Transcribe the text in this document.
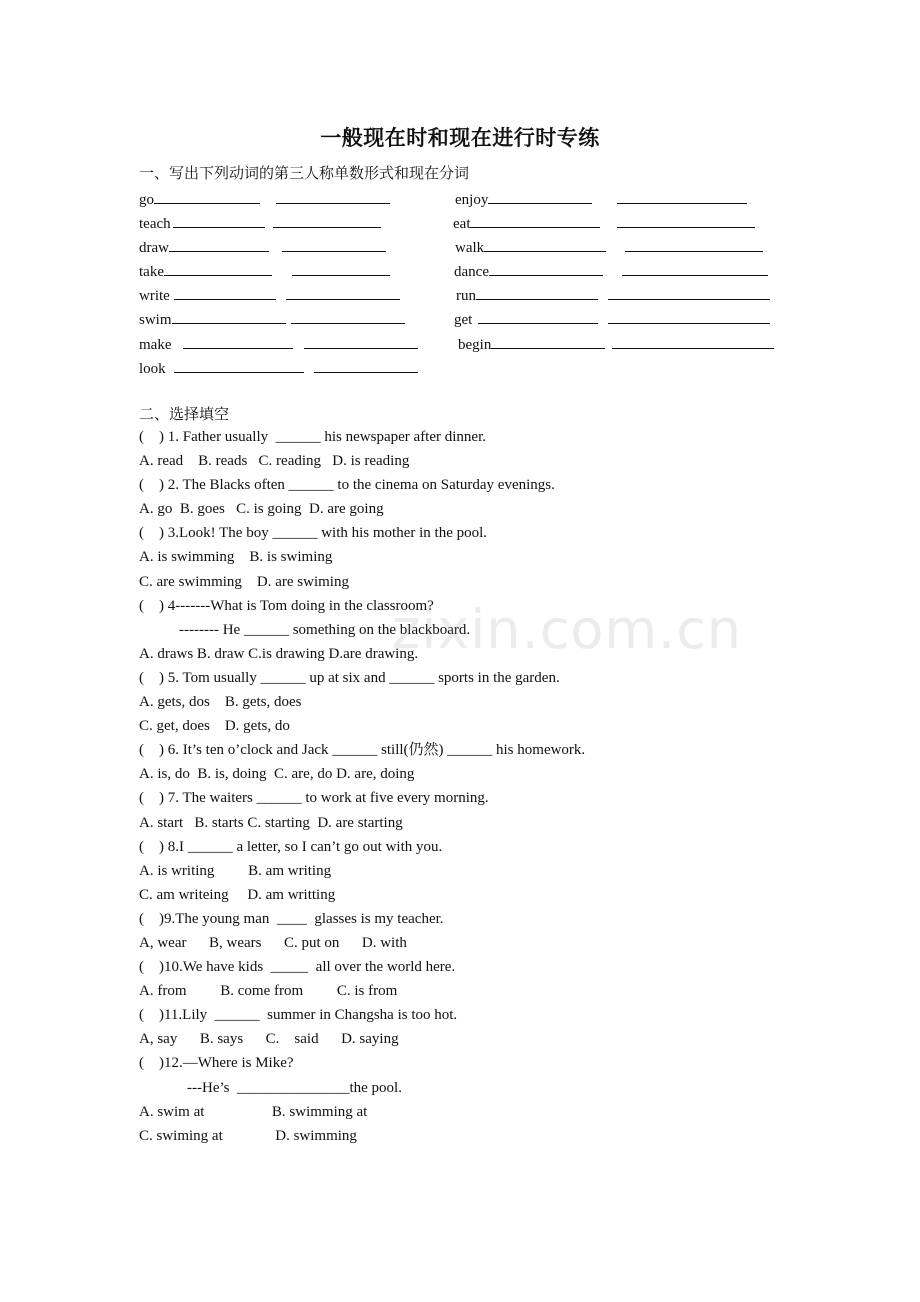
一般现在时和现在进行时专练
一、写出下列动词的第三人称单数形式和现在分词
go	enjoy
teach	eat
draw	walk
take	dance
write	run
swim	get
make	begin
look
二、选择填空
(    ) 1. Father usually  ______ his newspaper after dinner.
A. read    B. reads   C. reading   D. is reading
(    ) 2. The Blacks often ______ to the cinema on Saturday evenings.
A. go  B. goes   C. is going  D. are going
(    ) 3.Look! The boy ______ with his mother in the pool.
A. is swimming    B. is swiming
C. are swimming    D. are swiming
(    ) 4-------What is Tom doing in the classroom?
-------- He ______ something on the blackboard.
A. draws B. draw C.is drawing D.are drawing.
(    ) 5. Tom usually ______ up at six and ______ sports in the garden.
A. gets, dos    B. gets, does
C. get, does    D. gets, do
(    ) 6. It’s ten o’clock and Jack ______ still(仍然) ______ his homework.
A. is, do  B. is, doing  C. are, do D. are, doing
(    ) 7. The waiters ______ to work at five every morning.
A. start   B. starts C. starting  D. are starting
(    ) 8.I ______ a letter, so I can’t go out with you.
A. is writing         B. am writing
C. am writeing     D. am writting
(    )9.The young man  ____  glasses is my teacher.
A, wear      B, wears      C. put on      D. with
(    )10.We have kids  _____  all over the world here.
A. from         B. come from         C. is from
(    )11.Lily  ______  summer in Changsha is too hot.
A, say      B. says      C.    said      D. saying
(    )12.—Where is Mike?
---He’s  _______________the pool.
A. swim at                  B. swimming at
C. swiming at              D. swimming
zixin.com.cn
